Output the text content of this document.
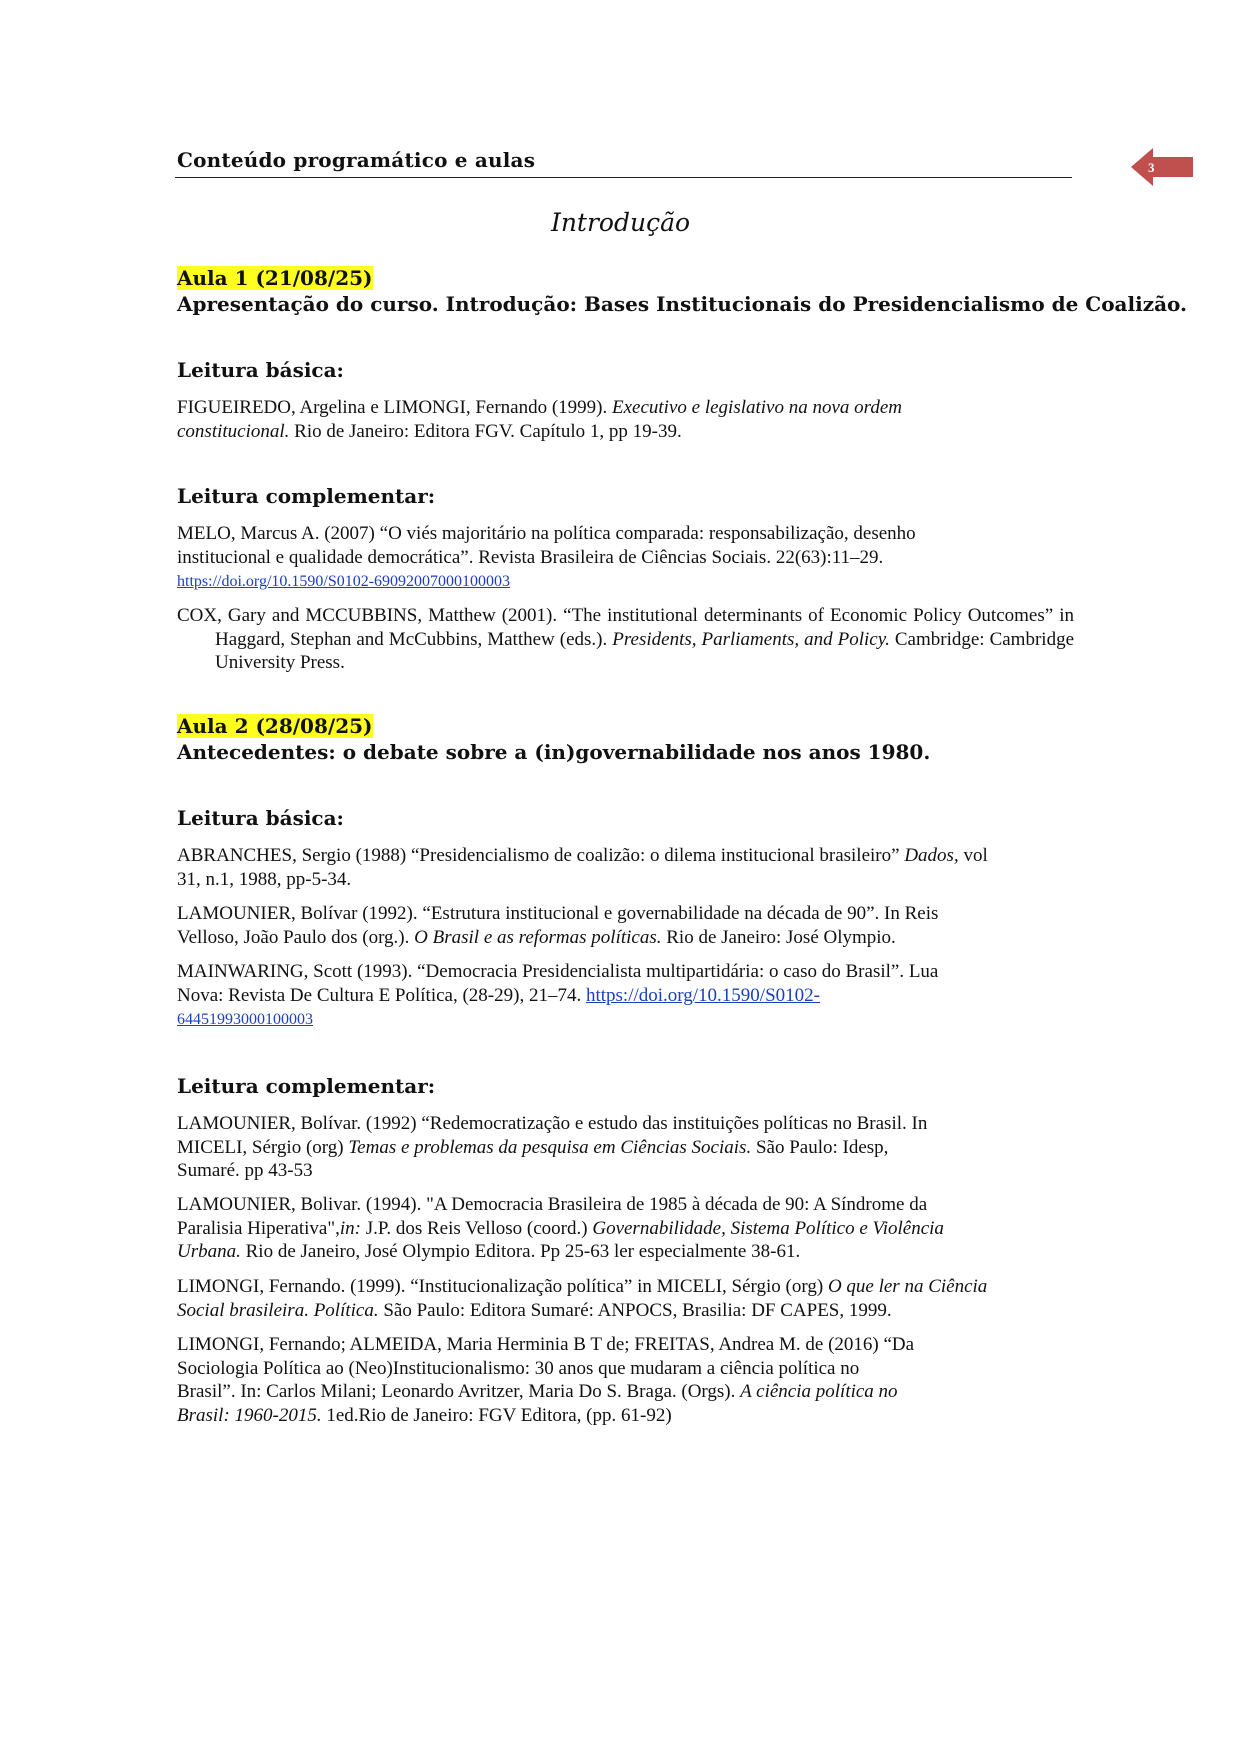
Conteúdo programático e aulas	3
Introdução
Aula 1 (21/08/25)
Apresentação do curso. Introdução: Bases Institucionais do Presidencialismo de Coalizão.
Leitura básica:
FIGUEIREDO, Argelina e LIMONGI, Fernando (1999). Executivo e legislativo na nova ordem
constitucional. Rio de Janeiro: Editora FGV. Capítulo 1, pp 19-39.
Leitura complementar:
MELO, Marcus A. (2007) “O viés majoritário na política comparada: responsabilização, desenho
institucional e qualidade democrática”. Revista Brasileira de Ciências Sociais. 22(63):11–29.
https://doi.org/10.1590/S0102-69092007000100003
COX, Gary and MCCUBBINS, Matthew (2001). “The institutional determinants of Economic Policy Outcomes” in Haggard, Stephan and McCubbins, Matthew (eds.). Presidents, Parliaments, and Policy. Cambridge: Cambridge University Press.
Aula 2 (28/08/25)
Antecedentes: o debate sobre a (in)governabilidade nos anos 1980.
Leitura básica:
ABRANCHES, Sergio (1988) “Presidencialismo de coalizão: o dilema institucional brasileiro” Dados, vol
31, n.1, 1988, pp-5-34.
LAMOUNIER, Bolívar (1992). “Estrutura institucional e governabilidade na década de 90”. In Reis
Velloso, João Paulo dos (org.). O Brasil e as reformas políticas. Rio de Janeiro: José Olympio.
MAINWARING, Scott (1993). “Democracia Presidencialista multipartidária: o caso do Brasil”. Lua
Nova: Revista De Cultura E Política, (28-29), 21–74. https://doi.org/10.1590/S0102-
64451993000100003
Leitura complementar:
LAMOUNIER, Bolívar. (1992) “Redemocratização e estudo das instituições políticas no Brasil. In
MICELI, Sérgio (org) Temas e problemas da pesquisa em Ciências Sociais. São Paulo: Idesp,
Sumaré. pp 43-53
LAMOUNIER, Bolivar. (1994). "A Democracia Brasileira de 1985 à década de 90: A Síndrome da
Paralisia Hiperativa",in: J.P. dos Reis Velloso (coord.) Governabilidade, Sistema Político e Violência
Urbana. Rio de Janeiro, José Olympio Editora. Pp 25-63 ler especialmente 38-61.
LIMONGI, Fernando. (1999). “Institucionalização política” in MICELI, Sérgio (org) O que ler na Ciência
Social brasileira. Política. São Paulo: Editora Sumaré: ANPOCS, Brasilia: DF CAPES, 1999.
LIMONGI, Fernando; ALMEIDA, Maria Herminia B T de; FREITAS, Andrea M. de (2016) “Da
Sociologia Política ao (Neo)Institucionalismo: 30 anos que mudaram a ciência política no
Brasil”. In: Carlos Milani; Leonardo Avritzer, Maria Do S. Braga. (Orgs). A ciência política no
Brasil: 1960-2015. 1ed.Rio de Janeiro: FGV Editora, (pp. 61-92)
